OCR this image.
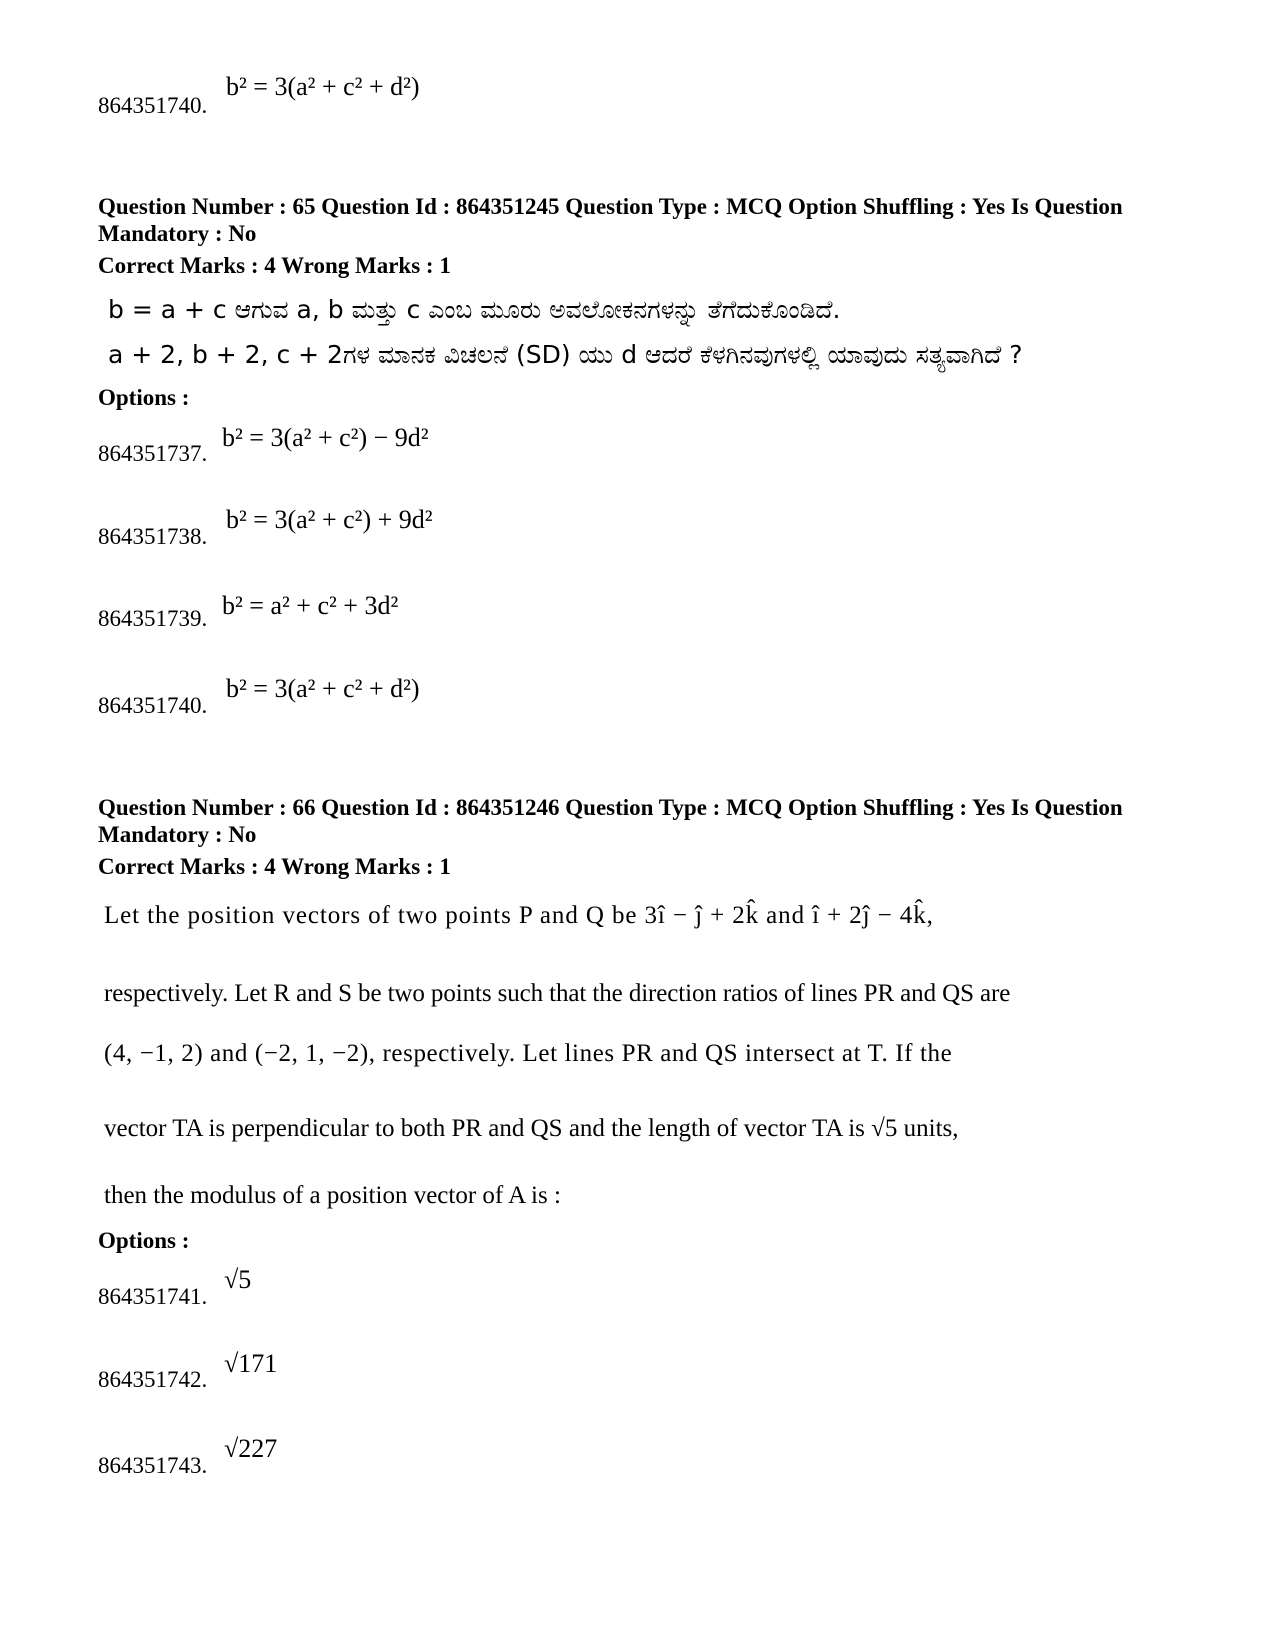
864351740.
b² = 3(a² + c² + d²)
Question Number : 65 Question Id : 864351245 Question Type : MCQ Option Shuffling : Yes Is Question Mandatory : No
Correct Marks : 4 Wrong Marks : 1
b = a + c ಆಗುವ a, b ಮತ್ತು c ಎಂಬ ಮೂರು ಅವಲೋಕನಗಳನ್ನು ತೆಗೆದುಕೊಂಡಿದೆ.
a + 2, b + 2, c + 2ಗಳ ಮಾನಕ ವಿಚಲನೆ (SD) ಯು d ಆದರೆ ಕೆಳಗಿನವುಗಳಲ್ಲಿ ಯಾವುದು ಸತ್ಯವಾಗಿದೆ ?
Options :
864351737.
b² = 3(a² + c²) − 9d²
864351738.
b² = 3(a² + c²) + 9d²
864351739. b² = a² + c² + 3d²
864351740.
b² = 3(a² + c² + d²)
Question Number : 66 Question Id : 864351246 Question Type : MCQ Option Shuffling : Yes Is Question Mandatory : No
Correct Marks : 4 Wrong Marks : 1
Let the position vectors of two points P and Q be 3î − ĵ + 2k̂ and î + 2ĵ − 4k̂,
respectively. Let R and S be two points such that the direction ratios of lines PR and QS are
(4, −1, 2) and (−2, 1, −2), respectively. Let lines PR and QS intersect at T. If the
vector TA is perpendicular to both PR and QS and the length of vector TA is √5 units,
then the modulus of a position vector of A is :
Options :
864351741.
√5
864351742.
√171
864351743.
√227
